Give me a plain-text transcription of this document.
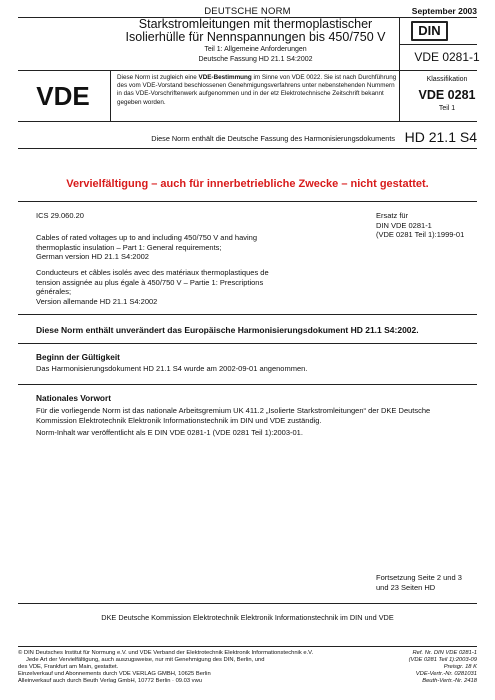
DEUTSCHE NORM	September 2003
Starkstromleitungen mit thermoplastischer
Isolierhülle für Nennspannungen bis 450/750 V
Teil 1: Allgemeine Anforderungen
Deutsche Fassung HD 21.1 S4:2002
DIN
VDE 0281-1
VDE
Diese Norm ist zugleich eine VDE-Bestimmung im Sinne von VDE 0022. Sie ist nach Durchführung des vom VDE-Vorstand beschlossenen Genehmigungsverfahrens unter nebenstehenden Nummern in das VDE-Vorschriftenwerk aufgenommen und in der etz Elektrotechnische Zeitschrift bekannt gegeben worden.
Klassifikation
VDE 0281
Teil 1
Diese Norm enthält die Deutsche Fassung des Harmonisierungsdokuments HD 21.1 S4
Vervielfältigung – auch für innerbetriebliche Zwecke – nicht gestattet.
ICS 29.060.20	Ersatz für
DIN VDE 0281-1
(VDE 0281 Teil 1):1999-01
Cables of rated voltages up to and including 450/750 V and having
thermoplastic insulation – Part 1: General requirements;
German version HD 21.1 S4:2002
Conducteurs et câbles isolés avec des matériaux thermoplastiques de
tension assignée au plus égale à 450/750 V – Partie 1: Prescriptions
générales;
Version allemande HD 21.1 S4:2002
Diese Norm enthält unverändert das Europäische Harmonisierungsdokument HD 21.1 S4:2002.
Beginn der Gültigkeit
Das Harmonisierungsdokument HD 21.1 S4 wurde am 2002-09-01 angenommen.
Nationales Vorwort
Für die vorliegende Norm ist das nationale Arbeitsgremium UK 411.2 „Isolierte Starkstromleitungen“ der DKE Deutsche
Kommission Elektrotechnik Elektronik Informationstechnik im DIN und VDE zuständig.
Norm-Inhalt war veröffentlicht als E DIN VDE 0281-1 (VDE 0281 Teil 1):2003-01.
Fortsetzung Seite 2 und 3
und 23 Seiten HD
DKE Deutsche Kommission Elektrotechnik Elektronik Informationstechnik im DIN und VDE
© DIN Deutsches Institut für Normung e.V. und VDE Verband der Elektrotechnik Elektronik Informationstechnik e.V.
Jede Art der Vervielfältigung, auch auszugsweise, nur mit Genehmigung des DIN, Berlin, und
des VDE, Frankfurt am Main, gestattet.
Einzelverkauf und Abonnements durch VDE VERLAG GMBH, 10625 Berlin
Alleinverkauf auch durch Beuth Verlag GmbH, 10772 Berlin · 09.03 vwu
Ref. Nr. DIN VDE 0281-1
(VDE 0281 Teil 1):2003-09
Preisgr. 18 K
VDE-Vertr.-Nr. 0281031
Beuth-Vertr.-Nr. 2418
